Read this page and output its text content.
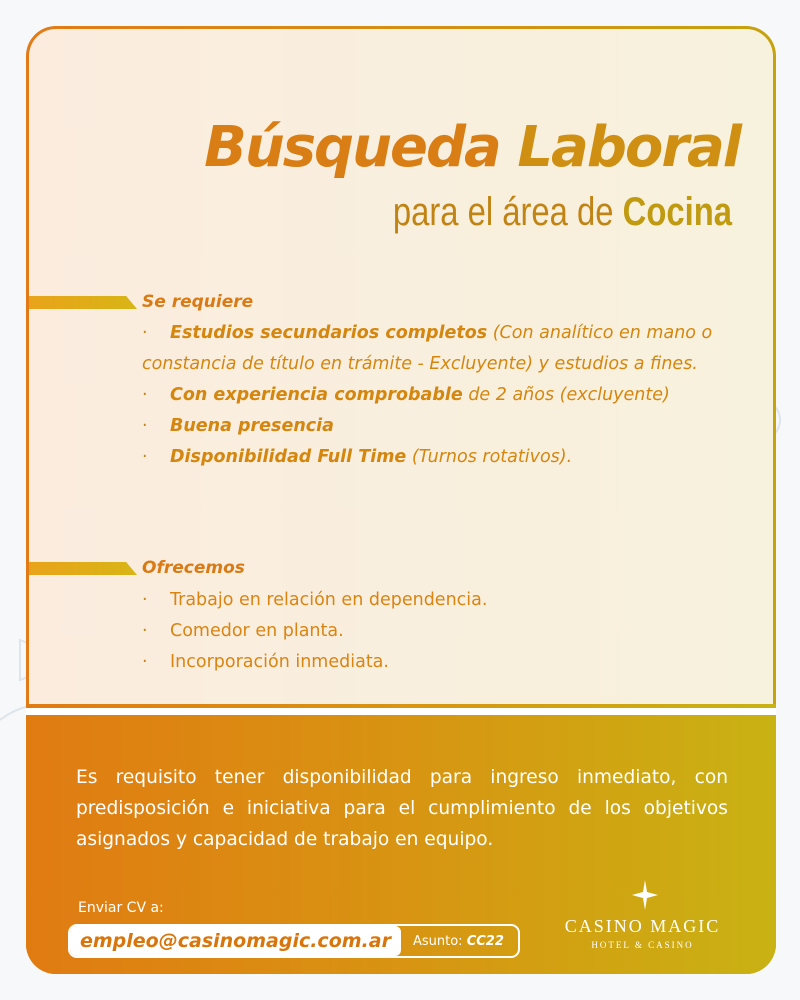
Búsqueda Laboral

para el área de Cocina

Se requiere

· Estudios secundarios completos (Con analítico en mano o constancia de título en trámite - Excluyente) y estudios a fines.
· Con experiencia comprobable de 2 años (excluyente)
· Buena presencia
· Disponibilidad Full Time (Turnos rotativos).

Ofrecemos

· Trabajo en relación en dependencia.
· Comedor en planta.
· Incorporación inmediata.

Es requisito tener disponibilidad para ingreso inmediato, con predisposición e iniciativa para el cumplimiento de los objetivos asignados y capacidad de trabajo en equipo.

Enviar CV a:

empleo@casinomagic.com.ar	Asunto: CC22

CASINO MAGIC

HOTEL & CASINO
